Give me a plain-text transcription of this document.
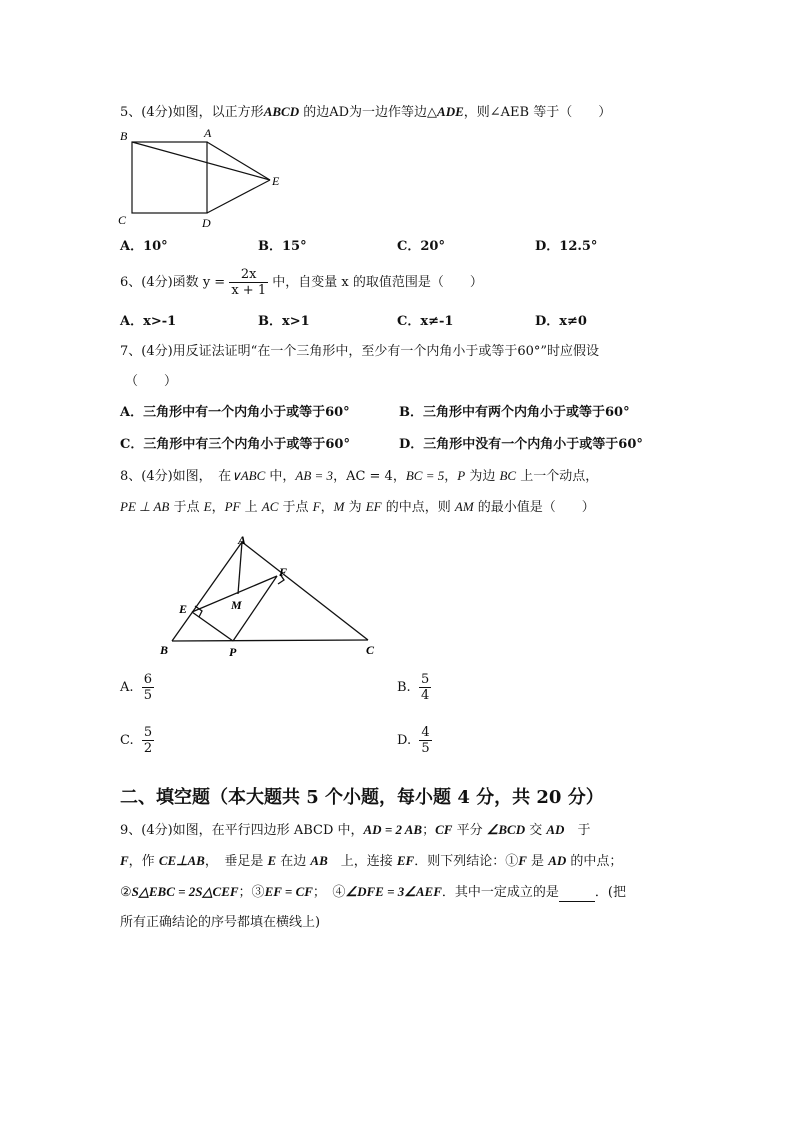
5、(4分)如图，以正方形ABCD 的边AD为一边作等边△ADE，则∠AEB 等于（　　）
B	A
E
C	D
A．10°	B．15°	C．20°	D．12.5°
6、(4分)函数 $y = \frac{2x}{x + 1}$ 中，自变量 x 的取值范围是（　　）
A．x>-1	B．x>1	C．x≠-1	D．x≠0
7、(4分)用反证法证明“在一个三角形中，至少有一个内角小于或等于60°”时应假设
（　　）
A．三角形中有一个内角小于或等于60°	B．三角形中有两个内角小于或等于60°
C．三角形中有三个内角小于或等于60°	D．三角形中没有一个内角小于或等于60°
8、(4分)如图，　在∨ABC 中，AB = 3，AC = 4，BC = 5，P 为边 BC 上一个动点，
PE ⊥ AB 于点 E，PF 上 AC 于点 F，M 为 EF 的中点，则 AM 的最小值是（　　）
A
F
E	M
B	P	C
A. $\frac{6}{5}$	B. $\frac{5}{4}$
C. $\frac{5}{2}$	D. $\frac{4}{5}$
二、填空题（本大题共 5 个小题，每小题 4 分，共 20 分）
9、(4分)如图，在平行四边形 ABCD 中，AD = 2 AB；CF 平分 ∠BCD 交 AD　于
F，作 CE⊥AB，　垂足是 E 在边 AB　上，连接 EF．则下列结论：①F 是 AD 的中点；
②S△EBC = 2S△CEF；③EF = CF；　④∠DFE = 3∠AEF．其中一定成立的是	．(把
所有正确结论的序号都填在横线上)
